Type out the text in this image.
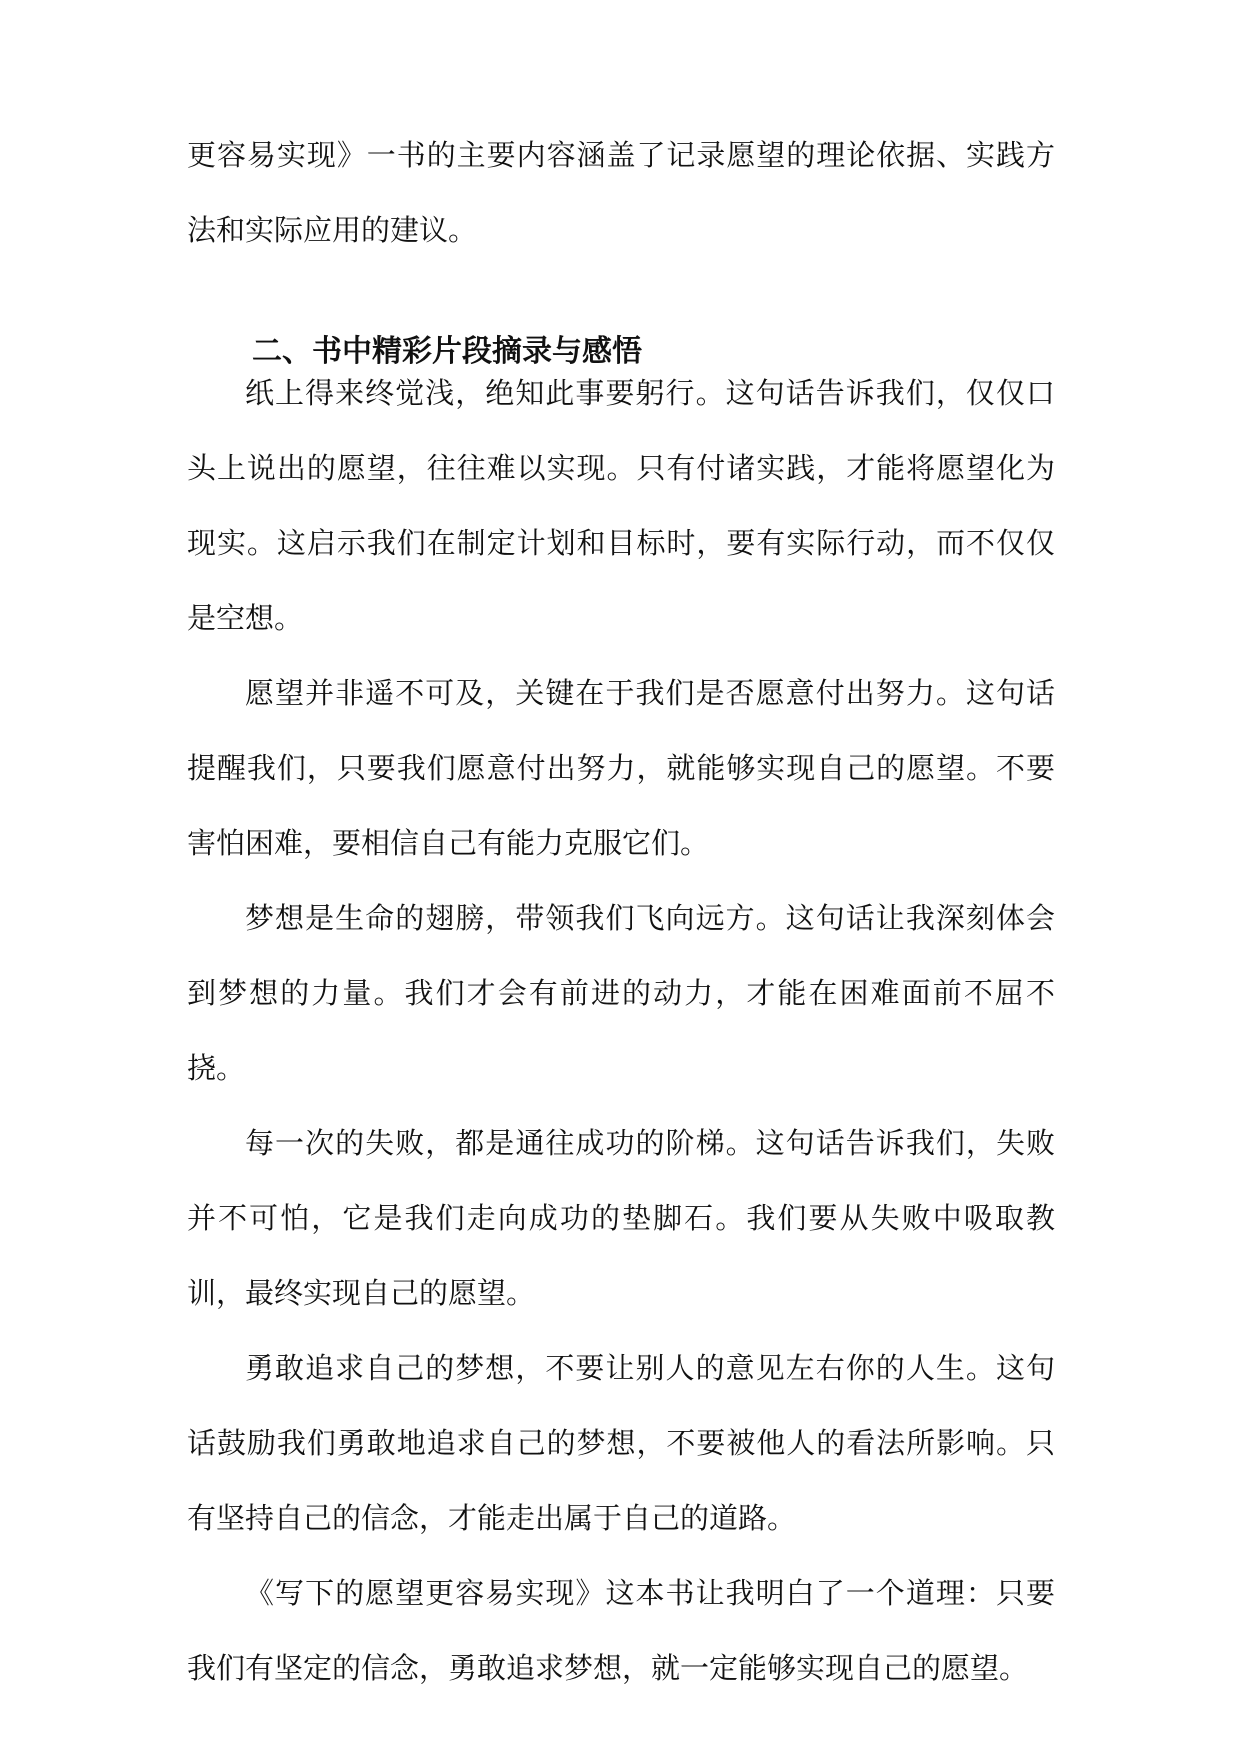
更容易实现》一书的主要内容涵盖了记录愿望的理论依据、实践方法和实际应用的建议。

二、书中精彩片段摘录与感悟

纸上得来终觉浅，绝知此事要躬行。这句话告诉我们，仅仅口头上说出的愿望，往往难以实现。只有付诸实践，才能将愿望化为现实。这启示我们在制定计划和目标时，要有实际行动，而不仅仅是空想。

愿望并非遥不可及，关键在于我们是否愿意付出努力。这句话提醒我们，只要我们愿意付出努力，就能够实现自己的愿望。不要害怕困难，要相信自己有能力克服它们。

梦想是生命的翅膀，带领我们飞向远方。这句话让我深刻体会到梦想的力量。我们才会有前进的动力，才能在困难面前不屈不挠。

每一次的失败，都是通往成功的阶梯。这句话告诉我们，失败并不可怕，它是我们走向成功的垫脚石。我们要从失败中吸取教训，最终实现自己的愿望。

勇敢追求自己的梦想，不要让别人的意见左右你的人生。这句话鼓励我们勇敢地追求自己的梦想，不要被他人的看法所影响。只有坚持自己的信念，才能走出属于自己的道路。

《写下的愿望更容易实现》这本书让我明白了一个道理：只要我们有坚定的信念，勇敢追求梦想，就一定能够实现自己的愿望。
